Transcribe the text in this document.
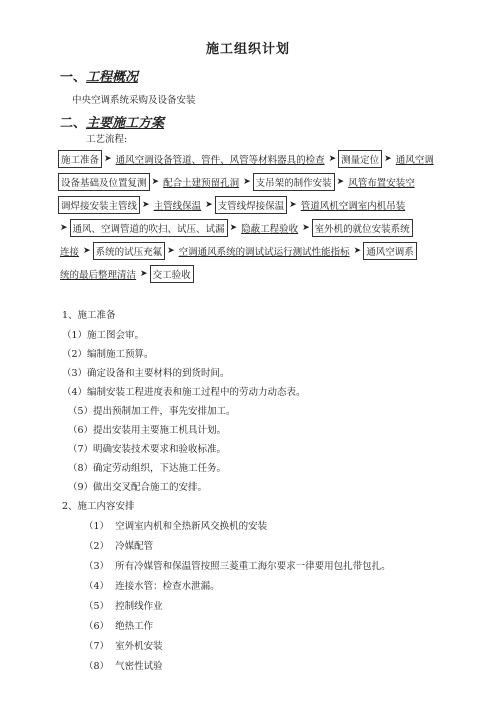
施工组织计划
一、工程概况
中央空调系统采购及设备安装
二、主要施工方案
工艺流程:
施工准备 ➤ 通风空调设备管道、管件、风管等材料器具的检查 ➤ 测量定位 ➤ 通风空调
设备基础及位置复测 ➤ 配合土建预留孔洞 ➤ 支吊架的制作安装 ➤ 风管布置安装空
调焊接安装主管线 ➤ 主管线保温 ➤ 支管线焊接保温 ➤ 管道风机空调室内机吊装
➤ 通风、空调管道的吹扫、试压、试漏 ➤ 隐蔽工程验收 ➤ 室外机的就位安装系统
连接 ➤ 系统的试压充氟 ➤ 空调通风系统的调试试运行测试性能指标 ➤ 通风空调系
统的最后整理清洁 ➤ 交工验收
1、施工准备
（1）施工图会审。
（2）编制施工预算。
（3）确定设备和主要材料的到货时间。
（4）编制安装工程进度表和施工过程中的劳动力动态表。
（5）提出预制加工件，事先安排加工。
（6）提出安装用主要施工机具计划。
（7）明确安装技术要求和验收标准。
（8）确定劳动组织，下达施工任务。
（9）做出交叉配合施工的安排。
2、施工内容安排
（1） 空调室内机和全热新风交换机的安装
（2） 冷媒配管
（3） 所有冷媒管和保温管按照三菱重工海尔要求一律要用包扎带包扎。
（4） 连接水管：检查水泄漏。
（5） 控制线作业
（6） 绝热工作
（7） 室外机安装
（8） 气密性试验
